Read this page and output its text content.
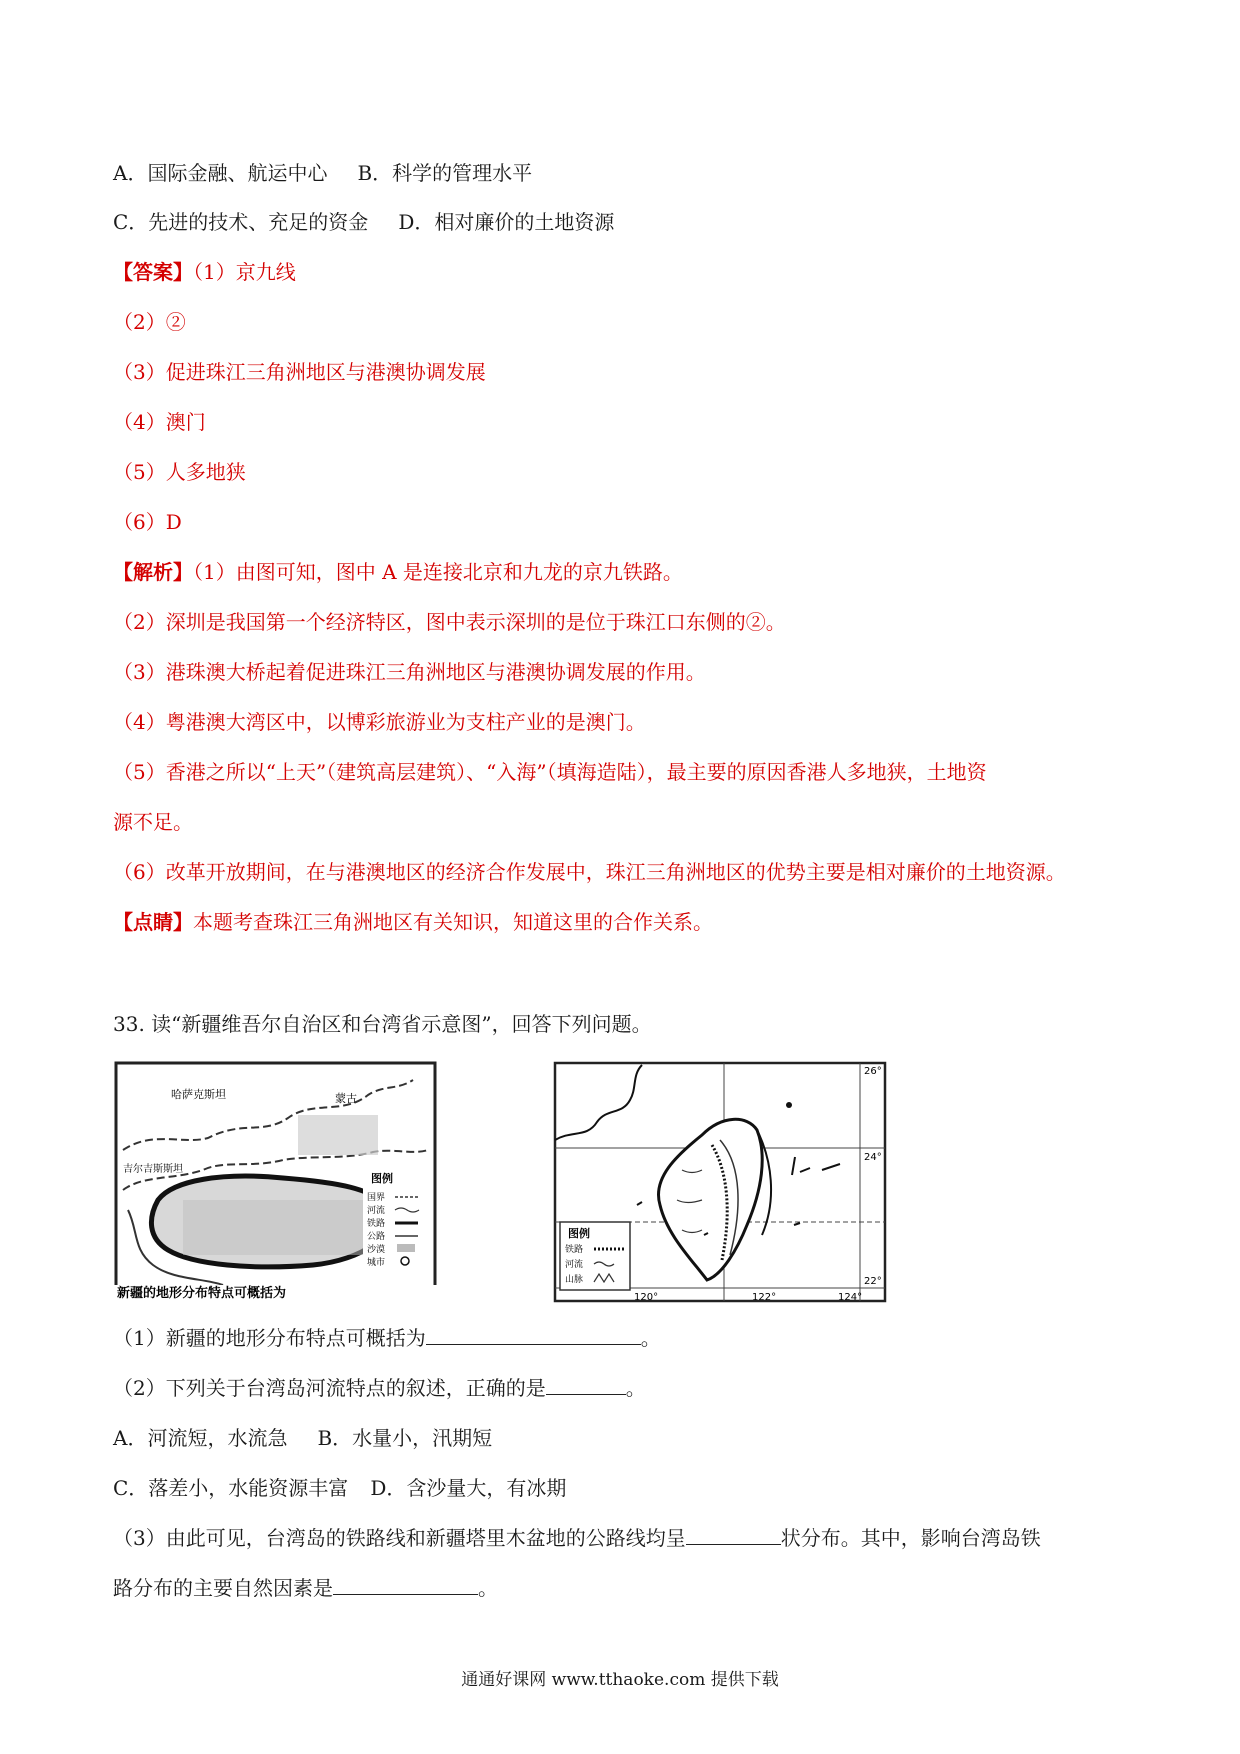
A．国际金融、航运中心 B．科学的管理水平
C．先进的技术、充足的资金 D．相对廉价的土地资源
【答案】（1）京九线
（2）②
（3）促进珠江三角洲地区与港澳协调发展
（4）澳门
（5）人多地狭
（6）D
【解析】（1）由图可知，图中 A 是连接北京和九龙的京九铁路。
（2）深圳是我国第一个经济特区，图中表示深圳的是位于珠江口东侧的②。
（3）港珠澳大桥起着促进珠江三角洲地区与港澳协调发展的作用。
（4）粤港澳大湾区中，以博彩旅游业为支柱产业的是澳门。
（5）香港之所以“上天”（建筑高层建筑）、“入海”（填海造陆），最主要的原因香港人多地狭，土地资
源不足。
（6）改革开放期间，在与港澳地区的经济合作发展中，珠江三角洲地区的优势主要是相对廉价的土地资源。
【点睛】本题考查珠江三角洲地区有关知识，知道这里的合作关系。
33. 读“新疆维吾尔自治区和台湾省示意图”，回答下列问题。
哈萨克斯坦	蒙古
吉尔吉斯斯坦
图例
国界
河流
铁路
公路
沙漠
城市
新疆的地形分布特点可概括为
图例
铁路
河流
山脉
120°	122°	124°
26°
24°
22°
（1）新疆的地形分布特点可概括为	。
（2）下列关于台湾岛河流特点的叙述，正确的是	。
A．河流短，水流急 B．水量小，汛期短
C．落差小，水能资源丰富 D．含沙量大，有冰期
（3）由此可见，台湾岛的铁路线和新疆塔里木盆地的公路线均呈	状分布。其中，影响台湾岛铁
路分布的主要自然因素是	。
通通好课网 www.tthaoke.com 提供下载
